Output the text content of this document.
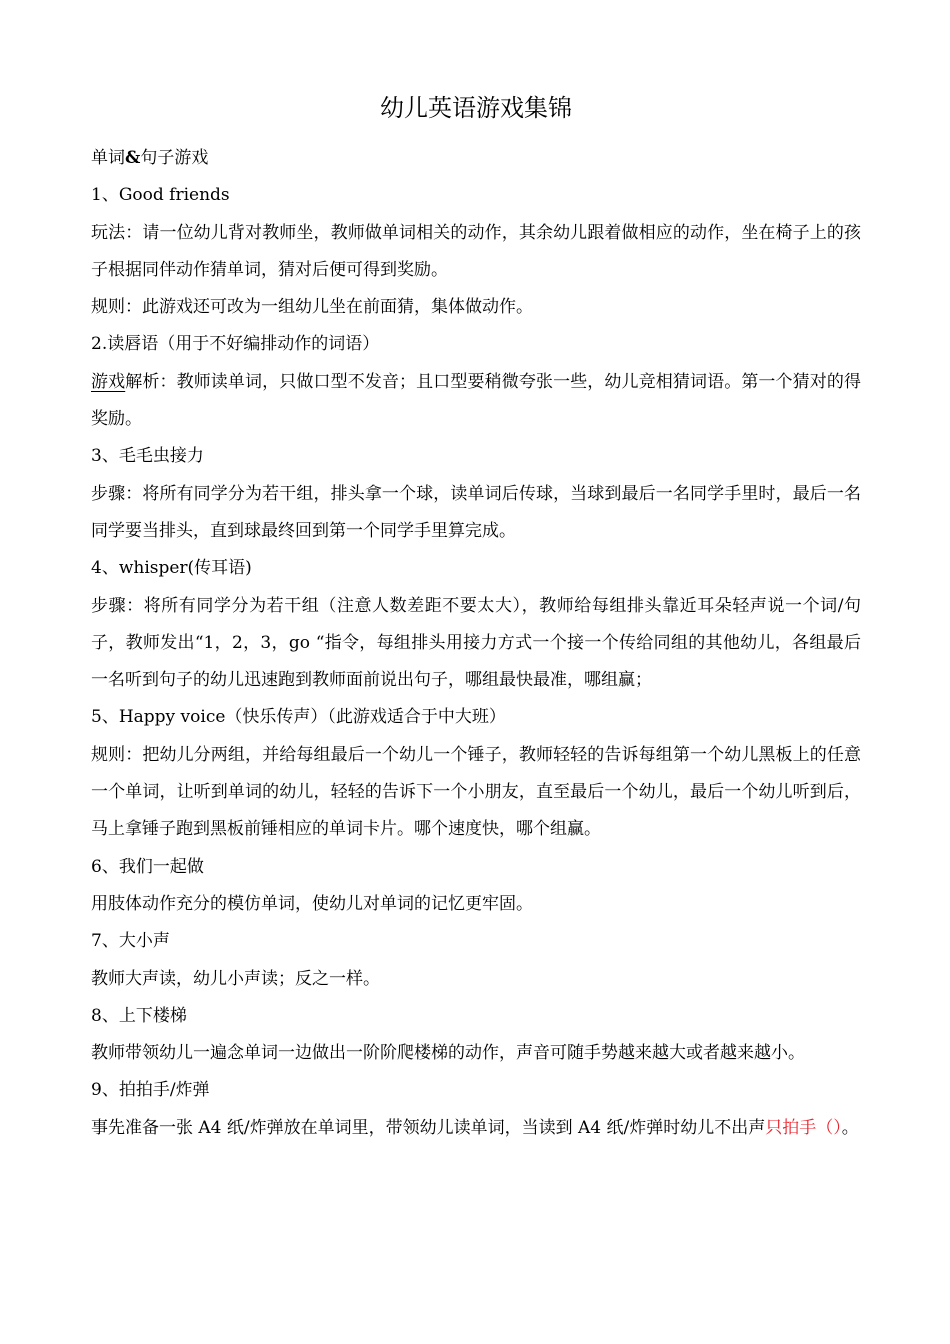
幼儿英语游戏集锦

单词&句子游戏

1、Good friends

玩法：请一位幼儿背对教师坐，教师做单词相关的动作，其余幼儿跟着做相应的动作，坐在椅子上的孩子根据同伴动作猜单词，猜对后便可得到奖励。

规则：此游戏还可改为一组幼儿坐在前面猜，集体做动作。

2.读唇语（用于不好编排动作的词语）

游戏解析：教师读单词，只做口型不发音；且口型要稍微夸张一些，幼儿竞相猜词语。第一个猜对的得奖励。

3、毛毛虫接力

步骤：将所有同学分为若干组，排头拿一个球，读单词后传球，当球到最后一名同学手里时，最后一名同学要当排头，直到球最终回到第一个同学手里算完成。

4、whisper(传耳语)

步骤：将所有同学分为若干组（注意人数差距不要太大），教师给每组排头靠近耳朵轻声说一个词/句子，教师发出“1，2，3，go “指令，每组排头用接力方式一个接一个传给同组的其他幼儿，各组最后一名听到句子的幼儿迅速跑到教师面前说出句子，哪组最快最准，哪组赢；

5、Happy voice（快乐传声）（此游戏适合于中大班）

规则：把幼儿分两组，并给每组最后一个幼儿一个锤子，教师轻轻的告诉每组第一个幼儿黑板上的任意一个单词，让听到单词的幼儿，轻轻的告诉下一个小朋友，直至最后一个幼儿，最后一个幼儿听到后，马上拿锤子跑到黑板前锤相应的单词卡片。哪个速度快，哪个组赢。

6、我们一起做

用肢体动作充分的模仿单词，使幼儿对单词的记忆更牢固。

7、大小声

教师大声读，幼儿小声读；反之一样。

8、上下楼梯

教师带领幼儿一遍念单词一边做出一阶阶爬楼梯的动作，声音可随手势越来越大或者越来越小。

9、拍拍手/炸弹

事先准备一张 A4 纸/炸弹放在单词里，带领幼儿读单词，当读到 A4 纸/炸弹时幼儿不出声只拍手（）。
